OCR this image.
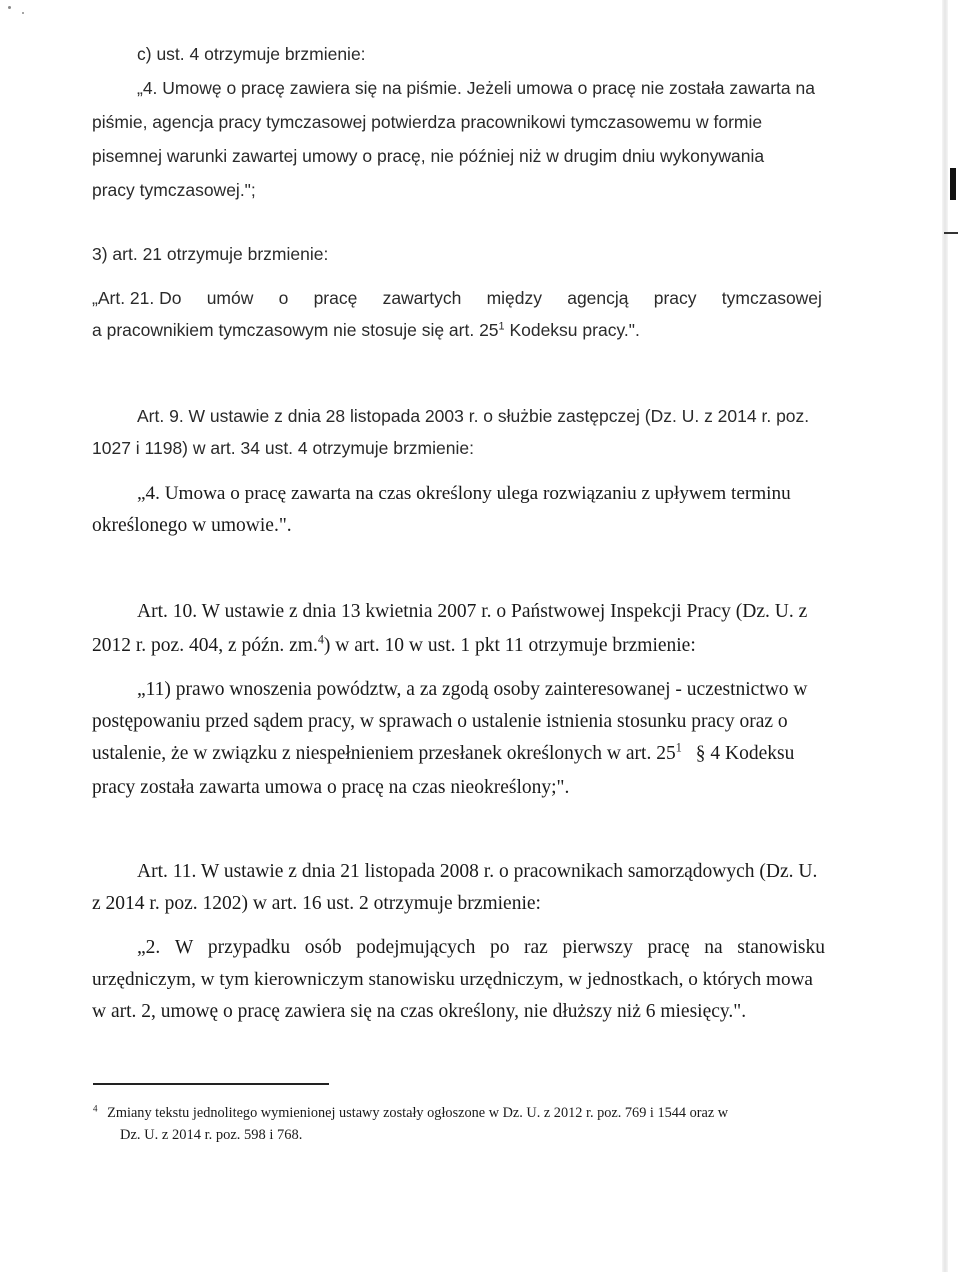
c) ust. 4 otrzymuje brzmienie:
„4. Umowę o pracę zawiera się na piśmie. Jeżeli umowa o pracę nie została zawarta na
piśmie, agencja pracy tymczasowej potwierdza pracownikowi tymczasowemu w formie
pisemnej warunki zawartej umowy o pracę, nie później niż w drugim dniu wykonywania
pracy tymczasowej.";
3) art. 21 otrzymuje brzmienie:
„Art. 21. Do umów o pracę zawartych między agencją pracy tymczasowej
a pracownikiem tymczasowym nie stosuje się art. $25^1$ Kodeksu pracy.".
Art. 9. W ustawie z dnia 28 listopada 2003 r. o służbie zastępczej (Dz. U. z 2014 r. poz.
1027 i 1198) w art. 34 ust. 4 otrzymuje brzmienie:
„4. Umowa o pracę zawarta na czas określony ulega rozwiązaniu z upływem terminu
określonego w umowie.".
Art. 10. W ustawie z dnia 13 kwietnia 2007 r. o Państwowej Inspekcji Pracy (Dz. U. z
2012 r. poz. 404, z późn. zm.$^4$) w art. 10 w ust. 1 pkt 11 otrzymuje brzmienie:
„11) prawo wnoszenia powództw, a za zgodą osoby zainteresowanej - uczestnictwo w
postępowaniu przed sądem pracy, w sprawach o ustalenie istnienia stosunku pracy oraz o
ustalenie, że w związku z niespełnieniem przesłanek określonych w art. $25^1$ § 4 Kodeksu
pracy została zawarta umowa o pracę na czas nieokreślony;".
Art. 11. W ustawie z dnia 21 listopada 2008 r. o pracownikach samorządowych (Dz. U.
z 2014 r. poz. 1202) w art. 16 ust. 2 otrzymuje brzmienie:
„2. W przypadku osób podejmujących po raz pierwszy pracę na stanowisku
urzędniczym, w tym kierowniczym stanowisku urzędniczym, w jednostkach, o których mowa
w art. 2, umowę o pracę zawiera się na czas określony, nie dłuższy niż 6 miesięcy.".
$^4$ Zmiany tekstu jednolitego wymienionej ustawy zostały ogłoszone w Dz. U. z 2012 r. poz. 769 i 1544 oraz w
Dz. U. z 2014 r. poz. 598 i 768.
